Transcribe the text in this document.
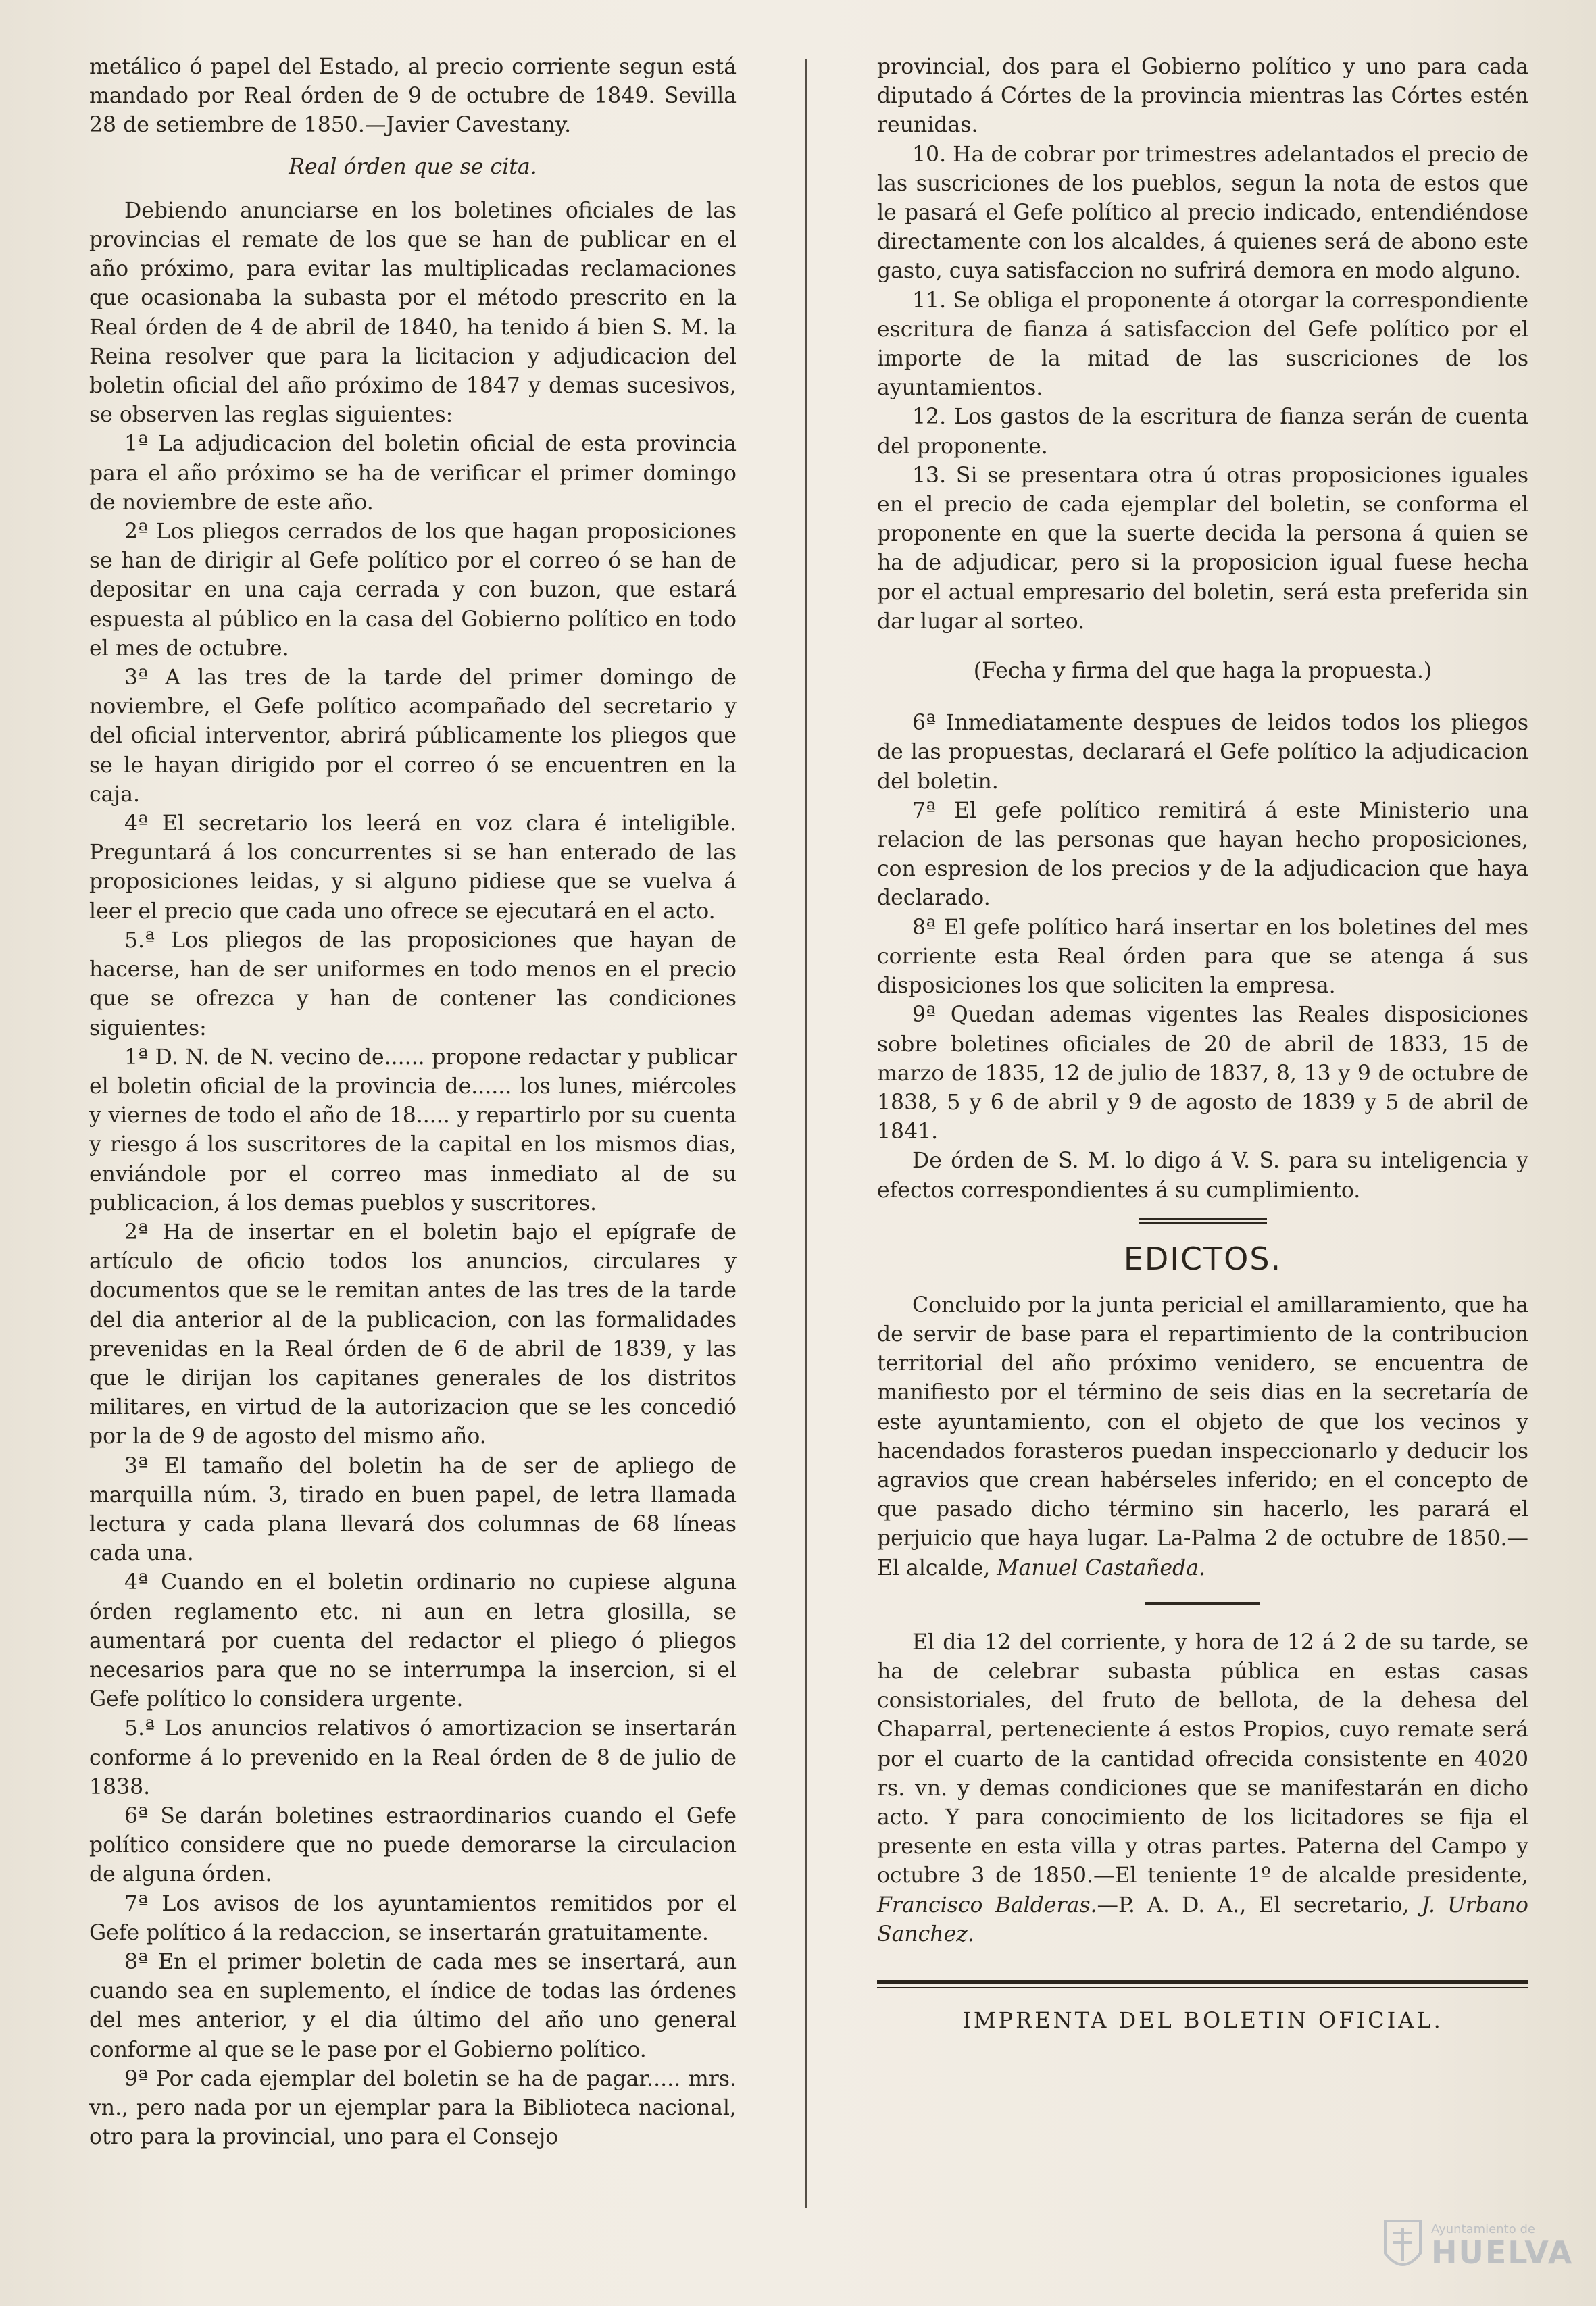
metálico ó papel del Estado, al precio corriente segun está mandado por Real órden de 9 de octubre de 1849. Sevilla 28 de setiembre de 1850.—Javier Cavestany.

Real órden que se cita.

Debiendo anunciarse en los boletines oficiales de las provincias el remate de los que se han de publicar en el año próximo, para evitar las multiplicadas reclamaciones que ocasionaba la subasta por el método prescrito en la Real órden de 4 de abril de 1840, ha tenido á bien S. M. la Reina resolver que para la licitacion y adjudicacion del boletin oficial del año próximo de 1847 y demas sucesivos, se observen las reglas siguientes:

1ª La adjudicacion del boletin oficial de esta provincia para el año próximo se ha de verificar el primer domingo de noviembre de este año.

2ª Los pliegos cerrados de los que hagan proposiciones se han de dirigir al Gefe político por el correo ó se han de depositar en una caja cerrada y con buzon, que estará espuesta al público en la casa del Gobierno político en todo el mes de octubre.

3ª A las tres de la tarde del primer domingo de noviembre, el Gefe político acompañado del secretario y del oficial interventor, abrirá públicamente los pliegos que se le hayan dirigido por el correo ó se encuentren en la caja.

4ª El secretario los leerá en voz clara é inteligible. Preguntará á los concurrentes si se han enterado de las proposiciones leidas, y si alguno pidiese que se vuelva á leer el precio que cada uno ofrece se ejecutará en el acto.

5.ª Los pliegos de las proposiciones que hayan de hacerse, han de ser uniformes en todo menos en el precio que se ofrezca y han de contener las condiciones siguientes:

1ª D. N. de N. vecino de...... propone redactar y publicar el boletin oficial de la provincia de...... los lunes, miércoles y viernes de todo el año de 18..... y repartirlo por su cuenta y riesgo á los suscritores de la capital en los mismos dias, enviándole por el correo mas inmediato al de su publicacion, á los demas pueblos y suscritores.

2ª Ha de insertar en el boletin bajo el epígrafe de artículo de oficio todos los anuncios, circulares y documentos que se le remitan antes de las tres de la tarde del dia anterior al de la publicacion, con las formalidades prevenidas en la Real órden de 6 de abril de 1839, y las que le dirijan los capitanes generales de los distritos militares, en virtud de la autorizacion que se les concedió por la de 9 de agosto del mismo año.

3ª El tamaño del boletin ha de ser de apliego de marquilla núm. 3, tirado en buen papel, de letra llamada lectura y cada plana llevará dos columnas de 68 líneas cada una.

4ª Cuando en el boletin ordinario no cupiese alguna órden reglamento etc. ni aun en letra glosilla, se aumentará por cuenta del redactor el pliego ó pliegos necesarios para que no se interrumpa la insercion, si el Gefe político lo considera urgente.

5.ª Los anuncios relativos ó amortizacion se insertarán conforme á lo prevenido en la Real órden de 8 de julio de 1838.

6ª Se darán boletines estraordinarios cuando el Gefe político considere que no puede demorarse la circulacion de alguna órden.

7ª Los avisos de los ayuntamientos remitidos por el Gefe político á la redaccion, se insertarán gratuitamente.

8ª En el primer boletin de cada mes se insertará, aun cuando sea en suplemento, el índice de todas las órdenes del mes anterior, y el dia último del año uno general conforme al que se le pase por el Gobierno político.

9ª Por cada ejemplar del boletin se ha de pagar..... mrs. vn., pero nada por un ejemplar para la Biblioteca nacional, otro para la provincial, uno para el Consejo

provincial, dos para el Gobierno político y uno para cada diputado á Córtes de la provincia mientras las Córtes estén reunidas.

10. Ha de cobrar por trimestres adelantados el precio de las suscriciones de los pueblos, segun la nota de estos que le pasará el Gefe político al precio indicado, entendiéndose directamente con los alcaldes, á quienes será de abono este gasto, cuya satisfaccion no sufrirá demora en modo alguno.

11. Se obliga el proponente á otorgar la correspondiente escritura de fianza á satisfaccion del Gefe político por el importe de la mitad de las suscriciones de los ayuntamientos.

12. Los gastos de la escritura de fianza serán de cuenta del proponente.

13. Si se presentara otra ú otras proposiciones iguales en el precio de cada ejemplar del boletin, se conforma el proponente en que la suerte decida la persona á quien se ha de adjudicar, pero si la proposicion igual fuese hecha por el actual empresario del boletin, será esta preferida sin dar lugar al sorteo.

(Fecha y firma del que haga la propuesta.)

6ª Inmediatamente despues de leidos todos los pliegos de las propuestas, declarará el Gefe político la adjudicacion del boletin.

7ª El gefe político remitirá á este Ministerio una relacion de las personas que hayan hecho proposiciones, con espresion de los precios y de la adjudicacion que haya declarado.

8ª El gefe político hará insertar en los boletines del mes corriente esta Real órden para que se atenga á sus disposiciones los que soliciten la empresa.

9ª Quedan ademas vigentes las Reales disposiciones sobre boletines oficiales de 20 de abril de 1833, 15 de marzo de 1835, 12 de julio de 1837, 8, 13 y 9 de octubre de 1838, 5 y 6 de abril y 9 de agosto de 1839 y 5 de abril de 1841.

De órden de S. M. lo digo á V. S. para su inteligencia y efectos correspondientes á su cumplimiento.

EDICTOS.

Concluido por la junta pericial el amillaramiento, que ha de servir de base para el repartimiento de la contribucion territorial del año próximo venidero, se encuentra de manifiesto por el término de seis dias en la secretaría de este ayuntamiento, con el objeto de que los vecinos y hacendados forasteros puedan inspeccionarlo y deducir los agravios que crean habérseles inferido; en el concepto de que pasado dicho término sin hacerlo, les parará el perjuicio que haya lugar. La-Palma 2 de octubre de 1850.—El alcalde, Manuel Castañeda.

El dia 12 del corriente, y hora de 12 á 2 de su tarde, se ha de celebrar subasta pública en estas casas consistoriales, del fruto de bellota, de la dehesa del Chaparral, perteneciente á estos Propios, cuyo remate será por el cuarto de la cantidad ofrecida consistente en 4020 rs. vn. y demas condiciones que se manifestarán en dicho acto. Y para conocimiento de los licitadores se fija el presente en esta villa y otras partes. Paterna del Campo y octubre 3 de 1850.—El teniente 1º de alcalde presidente, Francisco Balderas.—P. A. D. A., El secretario, J. Urbano Sanchez.

IMPRENTA DEL BOLETIN OFICIAL.

Ayuntamiento de
HUELVA
